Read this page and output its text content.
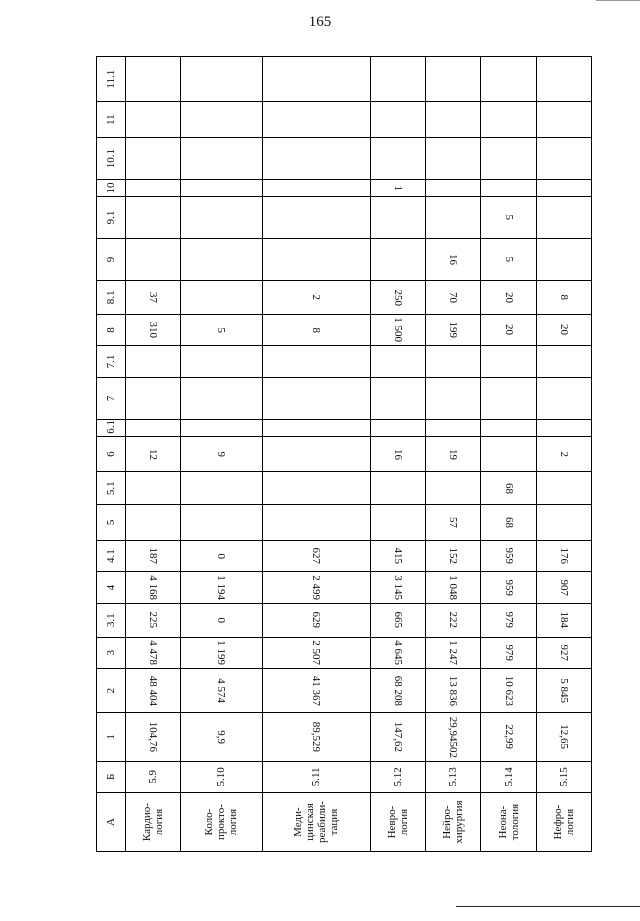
165
А	Б	1	2	3	3.1	4	4.1	5	5.1	6	6.1	7	7.1	8	8.1	9	9.1	10	10.1	11	11.1
Кардио-
логия	5.9	104,76	48 404	4 478	225	4 168	187			12				310	37						
Коло-
прокто-
логия	5.10	9,9	4 574	1 199	0	1 194	0			9				5							
Меди-
цинская
реабили-
тация	5.11	89,529	41 367	2 507	629	2 499	627							8	2						
Невро-
логия	5.12	147,62	68 208	4 645	665	3 145	415			16				1 500	250			1			
Нейро-
хирургия	5.13	29,94502	13 836	1 247	222	1 048	152	57		19				199	70	16					
Неона-
тология	5.14	22,99	10 623	979	979	959	959	68	68					20	20	5	5				
Нефро-
логия	5.15	12,65	5 845	927	184	907	176			2				20	8						
